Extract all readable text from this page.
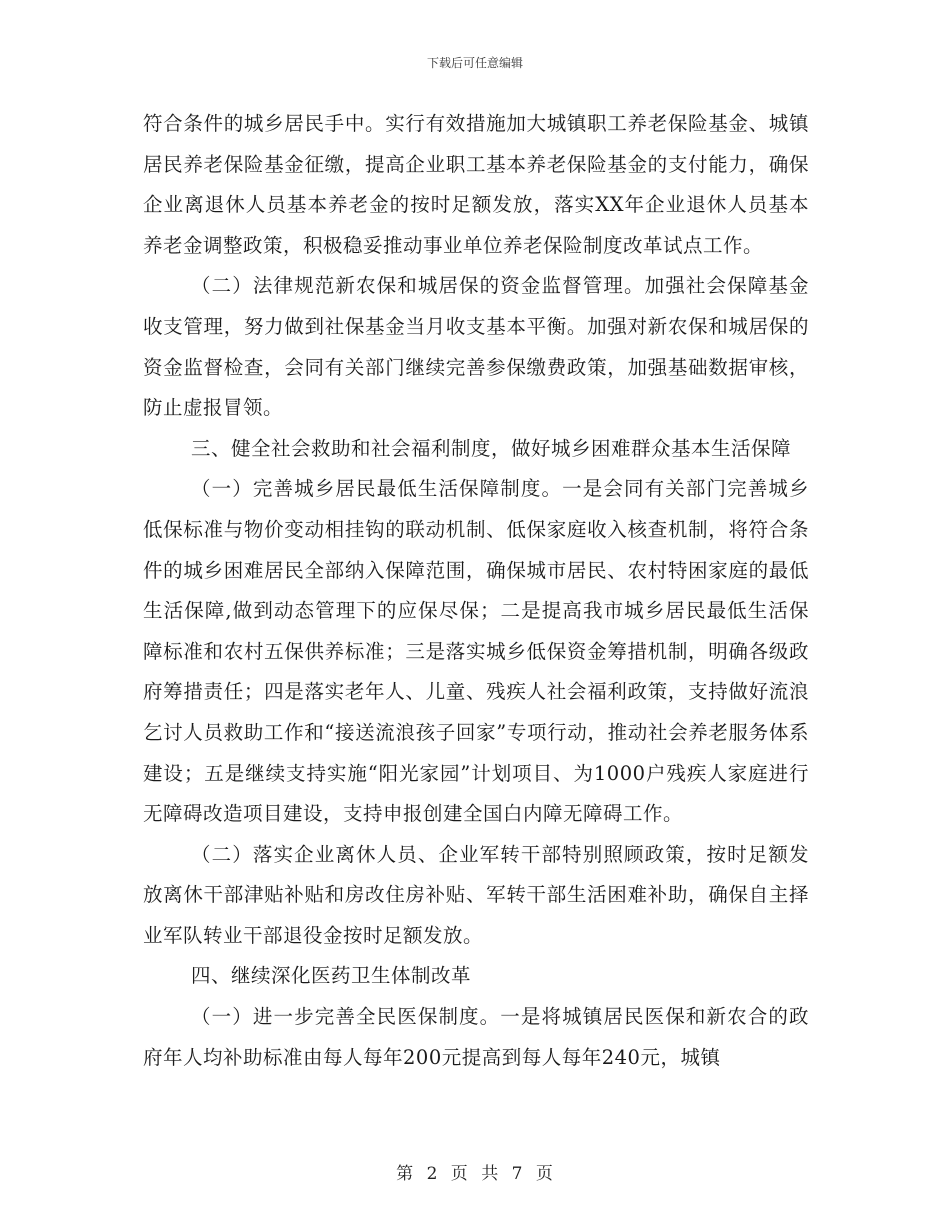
下载后可任意编辑

符合条件的城乡居民手中。实行有效措施加大城镇职工养老保险基金、城镇居民养老保险基金征缴，提高企业职工基本养老保险基金的支付能力，确保企业离退休人员基本养老金的按时足额发放，落实XX年企业退休人员基本养老金调整政策，积极稳妥推动事业单位养老保险制度改革试点工作。

（二）法律规范新农保和城居保的资金监督管理。加强社会保障基金收支管理，努力做到社保基金当月收支基本平衡。加强对新农保和城居保的资金监督检查，会同有关部门继续完善参保缴费政策，加强基础数据审核，防止虚报冒领。

三、健全社会救助和社会福利制度，做好城乡困难群众基本生活保障

（一）完善城乡居民最低生活保障制度。一是会同有关部门完善城乡低保标准与物价变动相挂钩的联动机制、低保家庭收入核查机制，将符合条件的城乡困难居民全部纳入保障范围，确保城市居民、农村特困家庭的最低生活保障,做到动态管理下的应保尽保；二是提高我市城乡居民最低生活保障标准和农村五保供养标准；三是落实城乡低保资金筹措机制，明确各级政府筹措责任；四是落实老年人、儿童、残疾人社会福利政策，支持做好流浪乞讨人员救助工作和“接送流浪孩子回家”专项行动，推动社会养老服务体系建设；五是继续支持实施“阳光家园”计划项目、为1000户残疾人家庭进行无障碍改造项目建设，支持申报创建全国白内障无障碍工作。

（二）落实企业离休人员、企业军转干部特别照顾政策，按时足额发放离休干部津贴补贴和房改住房补贴、军转干部生活困难补助，确保自主择业军队转业干部退役金按时足额发放。

四、继续深化医药卫生体制改革

（一）进一步完善全民医保制度。一是将城镇居民医保和新农合的政府年人均补助标准由每人每年200元提高到每人每年240元，城镇

第 2 页 共 7 页
